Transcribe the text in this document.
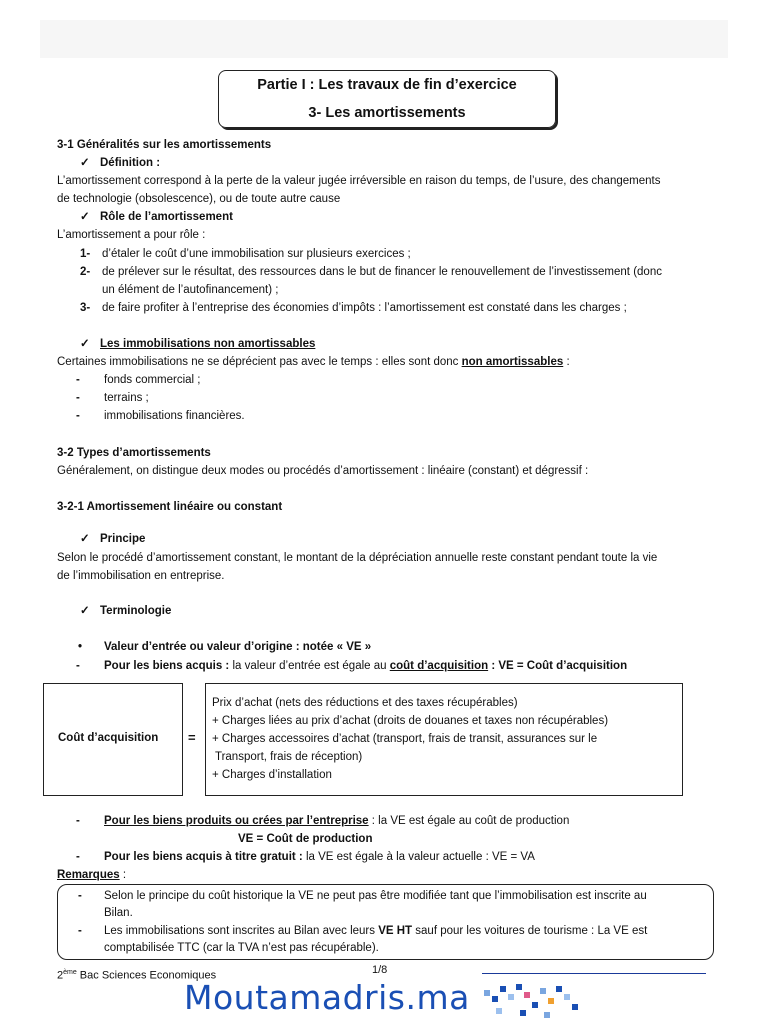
Partie I : Les travaux de fin d’exercice
3- Les amortissements
3-1 Généralités sur les amortissements
✓ Définition :
L’amortissement correspond à la perte de la valeur jugée irréversible en raison du temps, de l’usure, des changements
de technologie (obsolescence), ou de toute autre cause
✓ Rôle de l’amortissement
L’amortissement a pour rôle :
1- d’étaler le coût d’une immobilisation sur plusieurs exercices ;
2- de prélever sur le résultat, des ressources dans le but de financer le renouvellement de l’investissement (donc
un élément de l’autofinancement) ;
3- de faire profiter à l’entreprise des économies d’impôts : l’amortissement est constaté dans les charges ;
✓ Les immobilisations non amortissables
Certaines immobilisations ne se déprécient pas avec le temps : elles sont donc non amortissables :
- fonds commercial ;
- terrains ;
- immobilisations financières.
3-2 Types d’amortissements
Généralement, on distingue deux modes ou procédés d’amortissement : linéaire (constant) et dégressif :
3-2-1 Amortissement linéaire ou constant
✓ Principe
Selon le procédé d’amortissement constant, le montant de la dépréciation annuelle reste constant pendant toute la vie
de l’immobilisation en entreprise.
✓ Terminologie
• Valeur d’entrée ou valeur d’origine : notée « VE »
- Pour les biens acquis : la valeur d’entrée est égale au coût d’acquisition : VE = Coût d’acquisition
Coût d’acquisition =
Prix d’achat (nets des réductions et des taxes récupérables)
+ Charges liées au prix d’achat (droits de douanes et taxes non récupérables)
+ Charges accessoires d’achat (transport, frais de transit, assurances sur le
Transport, frais de réception)
+ Charges d’installation
- Pour les biens produits ou crées par l’entreprise : la VE est égale au coût de production
VE = Coût de production
- Pour les biens acquis à titre gratuit : la VE est égale à la valeur actuelle : VE = VA
Remarques :
- Selon le principe du coût historique la VE ne peut pas être modifiée tant que l’immobilisation est inscrite au
Bilan.
- Les immobilisations sont inscrites au Bilan avec leurs VE HT sauf pour les voitures de tourisme : La VE est
comptabilisée TTC (car la TVA n’est pas récupérable).
2ème Bac Sciences Economiques	1/8
Moutamadris.ma
